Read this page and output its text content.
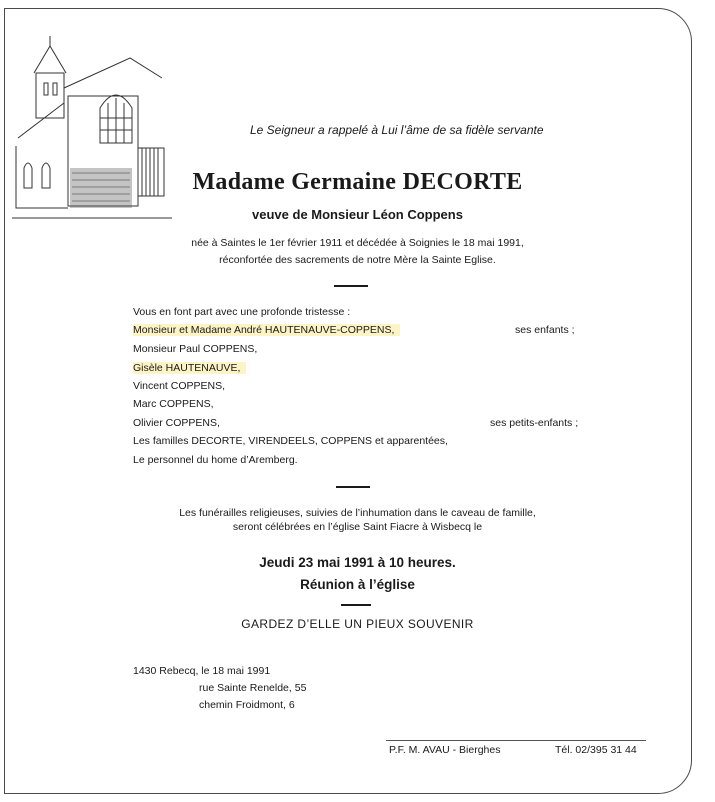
Le Seigneur a rappelé à Lui l’âme de sa fidèle servante
Madame Germaine DECORTE
veuve de Monsieur Léon Coppens
née à Saintes le 1er février 1911 et décédée à Soignies le 18 mai 1991,
réconfortée des sacrements de notre Mère la Sainte Eglise.
Vous en font part avec une profonde tristesse :
Monsieur et Madame André HAUTENAUVE-COPPENS,	ses enfants ;
Monsieur Paul COPPENS,
Gisèle HAUTENAUVE,
Vincent COPPENS,
Marc COPPENS,
Olivier COPPENS,	ses petits-enfants ;
Les familles DECORTE, VIRENDEELS, COPPENS et apparentées,
Le personnel du home d’Aremberg.
Les funérailles religieuses, suivies de l’inhumation dans le caveau de famille,
seront célébrées en l’église Saint Fiacre à Wisbecq le
Jeudi 23 mai 1991 à 10 heures.
Réunion à l’église
GARDEZ D’ELLE UN PIEUX SOUVENIR
1430 Rebecq, le 18 mai 1991
rue Sainte Renelde, 55
chemin Froidmont, 6
P.F. M. AVAU - Bierghes	Tél. 02/395 31 44
